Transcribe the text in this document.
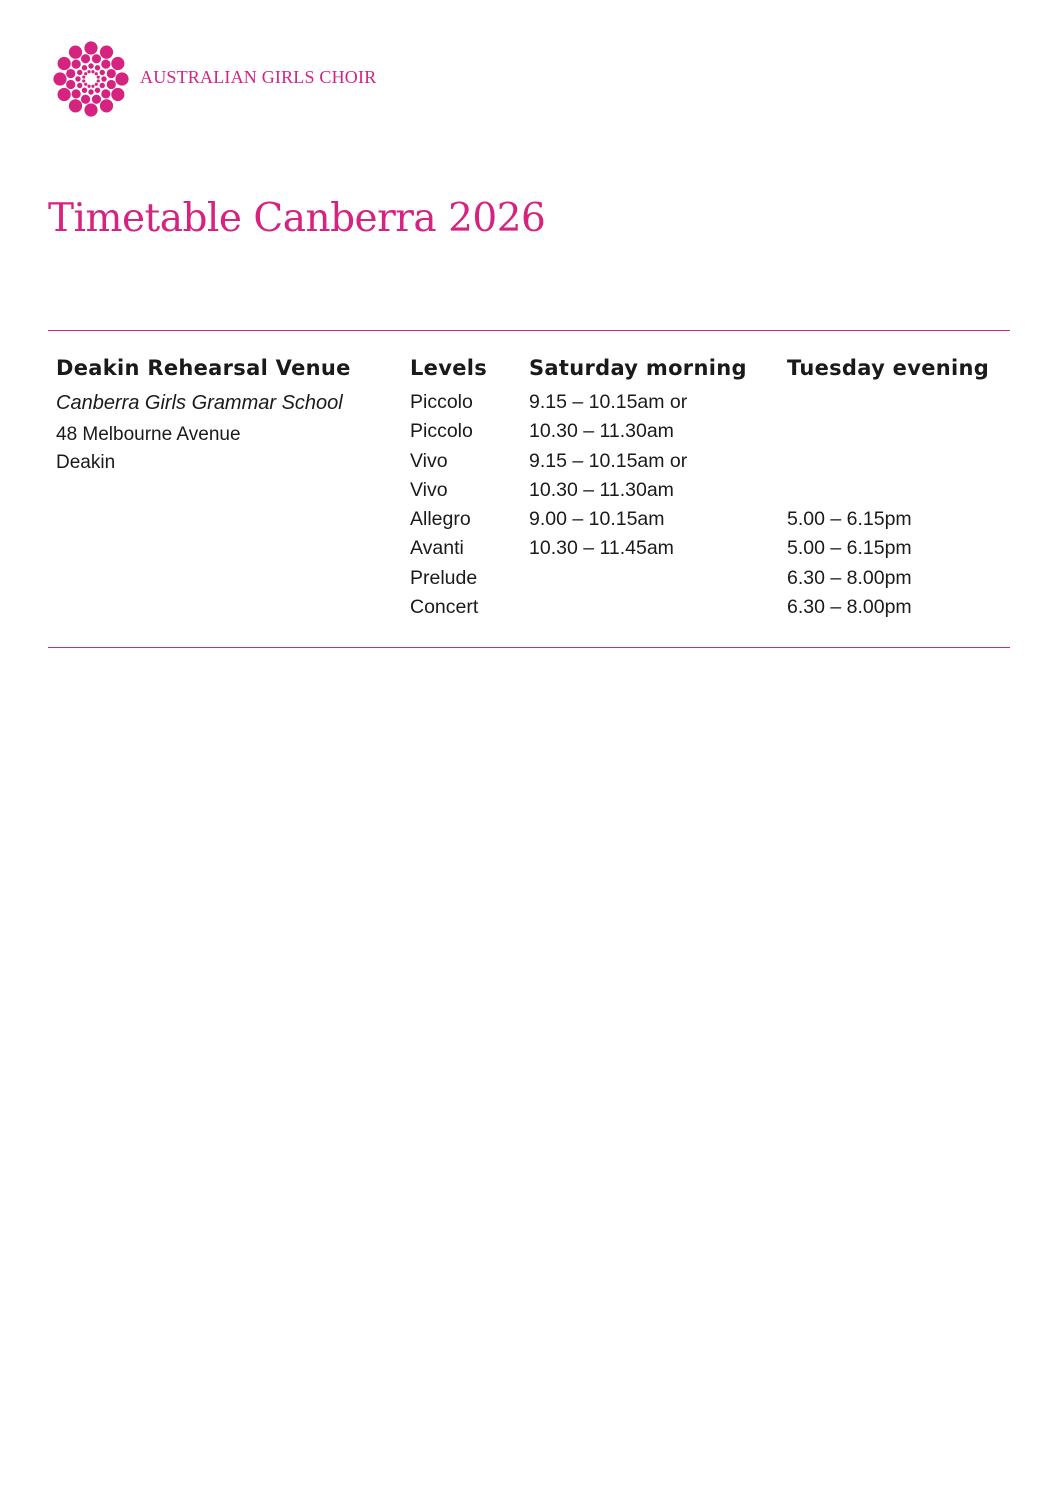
AUSTRALIAN GIRLS CHOIR
Timetable Canberra 2026
Deakin Rehearsal Venue
Canberra Girls Grammar School
48 Melbourne Avenue
Deakin
Levels
Piccolo
Piccolo
Vivo
Vivo
Allegro
Avanti
Prelude
Concert
Saturday morning
9.15 – 10.15am or
10.30 – 11.30am
9.15 – 10.15am or
10.30 – 11.30am
9.00 – 10.15am
10.30 – 11.45am
Tuesday evening
5.00 – 6.15pm
5.00 – 6.15pm
6.30 – 8.00pm
6.30 – 8.00pm
